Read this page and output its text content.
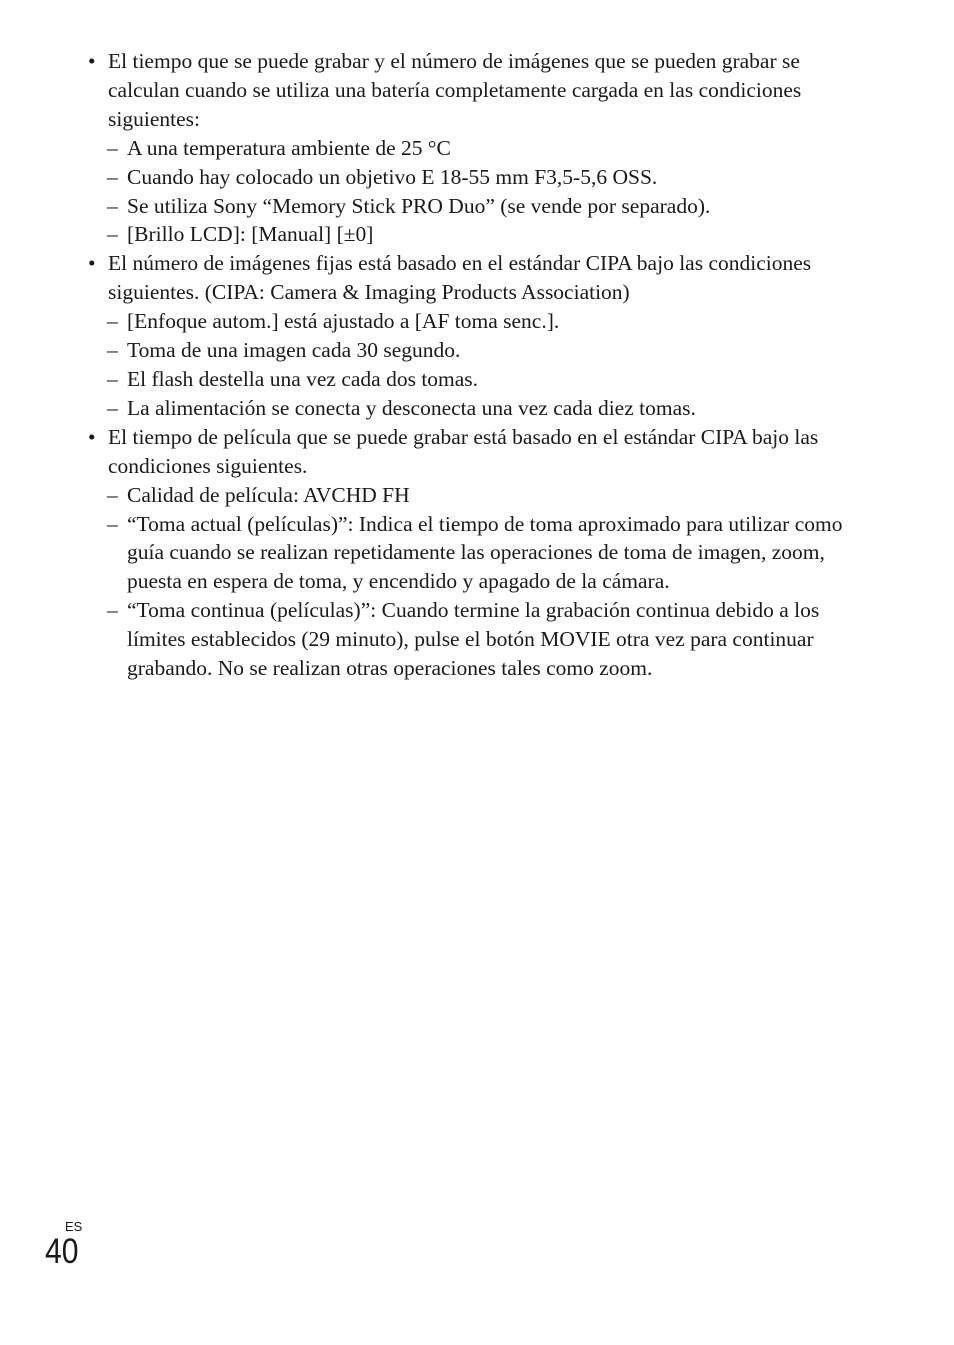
• El tiempo que se puede grabar y el número de imágenes que se pueden grabar se calculan cuando se utiliza una batería completamente cargada en las condiciones siguientes:
– A una temperatura ambiente de 25 °C
– Cuando hay colocado un objetivo E 18-55 mm F3,5-5,6 OSS.
– Se utiliza Sony “Memory Stick PRO Duo” (se vende por separado).
– [Brillo LCD]: [Manual] [±0]
• El número de imágenes fijas está basado en el estándar CIPA bajo las condiciones siguientes. (CIPA: Camera & Imaging Products Association)
– [Enfoque autom.] está ajustado a [AF toma senc.].
– Toma de una imagen cada 30 segundo.
– El flash destella una vez cada dos tomas.
– La alimentación se conecta y desconecta una vez cada diez tomas.
• El tiempo de película que se puede grabar está basado en el estándar CIPA bajo las condiciones siguientes.
– Calidad de película: AVCHD FH
– “Toma actual (películas)”: Indica el tiempo de toma aproximado para utilizar como guía cuando se realizan repetidamente las operaciones de toma de imagen, zoom, puesta en espera de toma, y encendido y apagado de la cámara.
– “Toma continua (películas)”: Cuando termine la grabación continua debido a los límites establecidos (29 minuto), pulse el botón MOVIE otra vez para continuar grabando. No se realizan otras operaciones tales como zoom.
ES
40
